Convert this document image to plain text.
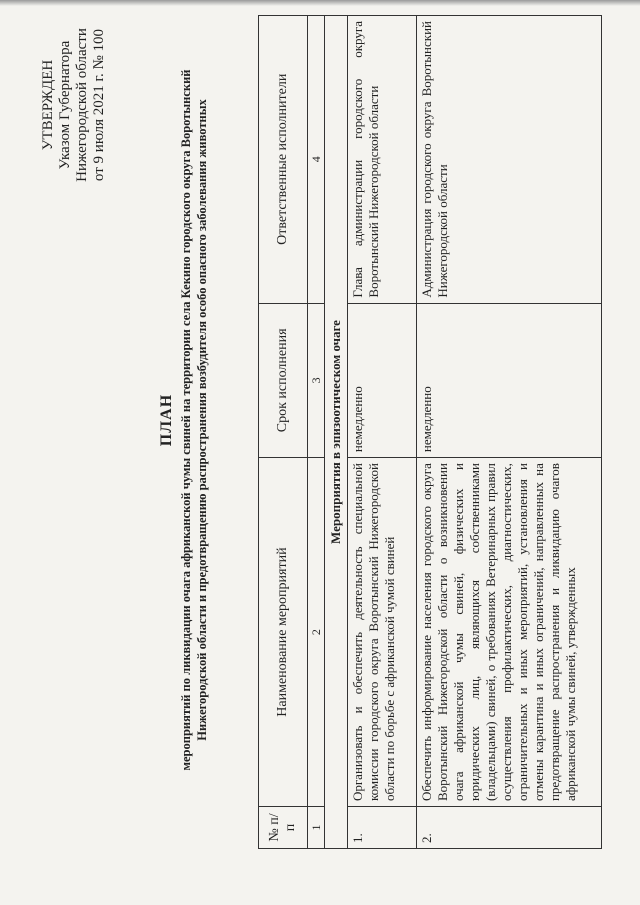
УТВЕРЖДЕН Указом Губернатора Нижегородской области от 9 июля 2021 г. № 100
ПЛАН мероприятий по ликвидации очага африканской чумы свиней на территории села Кекино городского округа Воротынский Нижегородской области и предотвращению распространения возбудителя особо опасного заболевания животных
№ п/п	Наименование мероприятий	Срок исполнения	Ответственные исполнители
1	2	3	4
Мероприятия в эпизоотическом очаге			
1.	Организовать и обеспечить деятельность специальной комиссии городского округа Воротынский Нижегородской области по борьбе с африканской чумой свиней	немедленно	Глава администрации городского округа Воротынский Нижегородской области
2.	Обеспечить информирование населения городского округа Воротынский Нижегородской области о возникновении очага африканской чумы свиней, физических и юридических лиц, являющихся собственниками (владельцами) свиней, о требованиях Ветеринарных правил осуществления профилактических, диагностических, ограничительных и иных мероприятий, установления и отмены карантина и иных ограничений, направленных на предотвращение распространения и ликвидацию очагов африканской чумы свиней, утвержденных	немедленно	Администрация городского округа Воротынский Нижегородской области
